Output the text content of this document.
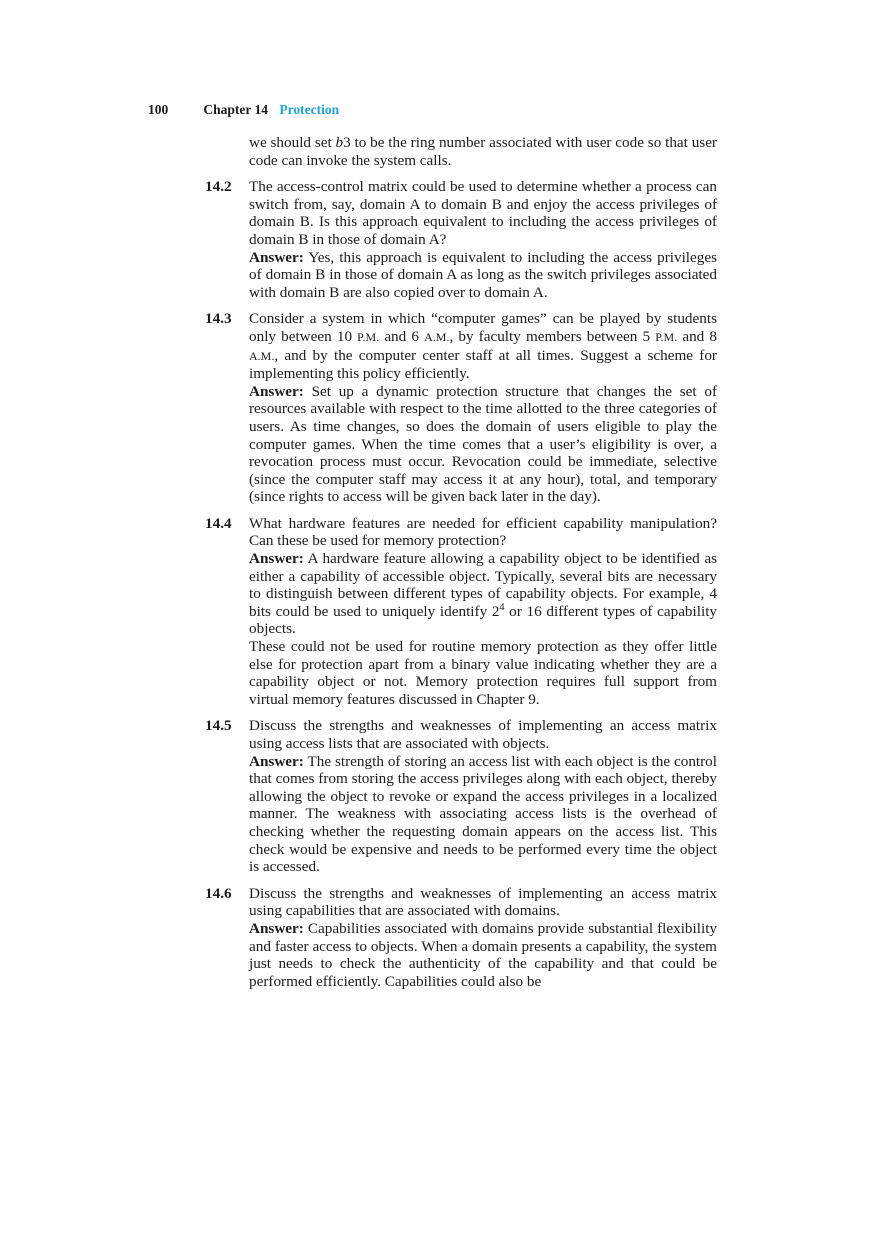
100	Chapter 14 Protection

we should set b3 to be the ring number associated with user code so that user code can invoke the system calls.

14.2	The access-control matrix could be used to determine whether a process can switch from, say, domain A to domain B and enjoy the access privileges of domain B. Is this approach equivalent to including the access privileges of domain B in those of domain A?

Answer: Yes, this approach is equivalent to including the access privileges of domain B in those of domain A as long as the switch privileges associated with domain B are also copied over to domain A.

14.3	Consider a system in which “computer games” can be played by students only between 10 P.M. and 6 A.M., by faculty members between 5 P.M. and 8 A.M., and by the computer center staff at all times. Suggest a scheme for implementing this policy efficiently.

Answer: Set up a dynamic protection structure that changes the set of resources available with respect to the time allotted to the three categories of users. As time changes, so does the domain of users eligible to play the computer games. When the time comes that a user’s eligibility is over, a revocation process must occur. Revocation could be immediate, selective (since the computer staff may access it at any hour), total, and temporary (since rights to access will be given back later in the day).

14.4	What hardware features are needed for efficient capability manipulation? Can these be used for memory protection?

Answer: A hardware feature allowing a capability object to be identified as either a capability of accessible object. Typically, several bits are necessary to distinguish between different types of capability objects. For example, 4 bits could be used to uniquely identify $2^4$ or 16 different types of capability objects.

These could not be used for routine memory protection as they offer little else for protection apart from a binary value indicating whether they are a capability object or not. Memory protection requires full support from virtual memory features discussed in Chapter 9.

14.5	Discuss the strengths and weaknesses of implementing an access matrix using access lists that are associated with objects.

Answer: The strength of storing an access list with each object is the control that comes from storing the access privileges along with each object, thereby allowing the object to revoke or expand the access privileges in a localized manner. The weakness with associating access lists is the overhead of checking whether the requesting domain appears on the access list. This check would be expensive and needs to be performed every time the object is accessed.

14.6	Discuss the strengths and weaknesses of implementing an access matrix using capabilities that are associated with domains.

Answer: Capabilities associated with domains provide substantial flexibility and faster access to objects. When a domain presents a capability, the system just needs to check the authenticity of the capability and that could be performed efficiently. Capabilities could also be
